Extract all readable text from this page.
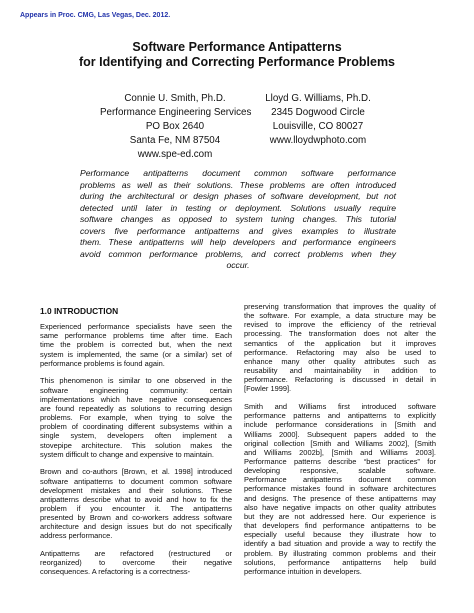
Appears in Proc. CMG, Las Vegas, Dec. 2012.
Software Performance Antipatterns
for Identifying and Correcting Performance Problems
Connie U. Smith, Ph.D.
Performance Engineering Services
PO Box 2640
Santa Fe, NM 87504
www.spe-ed.com
Lloyd G. Williams, Ph.D.
2345 Dogwood Circle
Louisville, CO 80027
www.lloydwphoto.com
Performance antipatterns document common software performance
problems as well as their solutions. These problems are often introduced
during the architectural or design phases of software development, but not
detected until later in testing or deployment. Solutions usually require
software changes as opposed to system tuning changes. This tutorial
covers five performance antipatterns and gives examples to illustrate
them. These antipatterns will help developers and performance engineers
avoid common performance problems, and correct problems when they
occur.
1.0 INTRODUCTION
Experienced performance specialists have seen the
same performance problems time after time. Each
time the problem is corrected but, when the next
system is implemented, the same (or a similar) set of
performance problems is found again.
This phenomenon is similar to one observed in the
software engineering community: certain
implementations which have negative consequences
are found repeatedly as solutions to recurring design
problems. For example, when trying to solve the
problem of coordinating different subsystems within a
single system, developers often implement a
stovepipe architecture. This solution makes the
system difficult to change and expensive to maintain.
Brown and co-authors [Brown, et al. 1998] introduced
software antipatterns to document common software
development mistakes and their solutions. These
antipatterns describe what to avoid and how to fix the
problem if you encounter it. The antipatterns
presented by Brown and co-workers address software
architecture and design issues but do not specifically
address performance.
Antipatterns are refactored (restructured or
reorganized) to overcome their negative
consequences. A refactoring is a correctness-
preserving transformation that improves the quality of
the software. For example, a data structure may be
revised to improve the efficiency of the retrieval
processing. The transformation does not alter the
semantics of the application but it improves
performance. Refactoring may also be used to
enhance many other quality attributes such as
reusability and maintainability in addition to
performance. Refactoring is discussed in detail in
[Fowler 1999].
Smith and Williams first introduced software
performance patterns and antipatterns to explicitly
include performance considerations in [Smith and
Williams 2000]. Subsequent papers added to the
original collection [Smith and Williams 2002], [Smith
and Williams 2002b], [Smith and Williams 2003].
Performance patterns describe “best practices” for
developing responsive, scalable software.
Performance antipatterns document common
performance mistakes found in software architectures
and designs. The presence of these antipatterns may
also have negative impacts on other quality attributes
but they are not addressed here. Our experience is
that developers find performance antipatterns to be
especially useful because they illustrate how to
identify a bad situation and provide a way to rectify the
problem. By illustrating common problems and their
solutions, performance antipatterns help build
performance intuition in developers.
